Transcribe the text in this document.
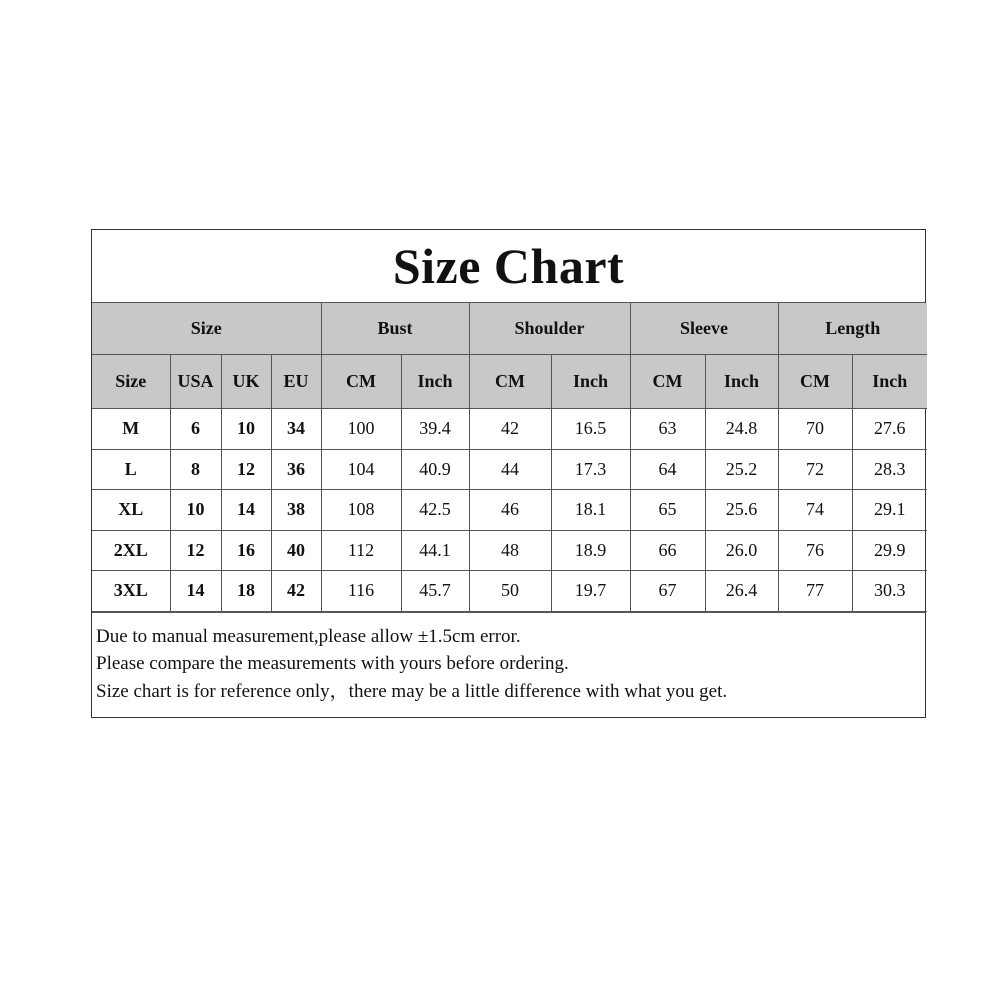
Size Chart
Size				Bust		Shoulder		Sleeve		Length	
Size	USA	UK	EU	CM	Inch	CM	Inch	CM	Inch	CM	Inch
M	6	10	34	100	39.4	42	16.5	63	24.8	70	27.6
L	8	12	36	104	40.9	44	17.3	64	25.2	72	28.3
XL	10	14	38	108	42.5	46	18.1	65	25.6	74	29.1
2XL	12	16	40	112	44.1	48	18.9	66	26.0	76	29.9
3XL	14	18	42	116	45.7	50	19.7	67	26.4	77	30.3
Due to manual measurement,please allow ±1.5cm error.
Please compare the measurements with yours before ordering.
Size chart is for reference only，there may be a little difference with what you get.
